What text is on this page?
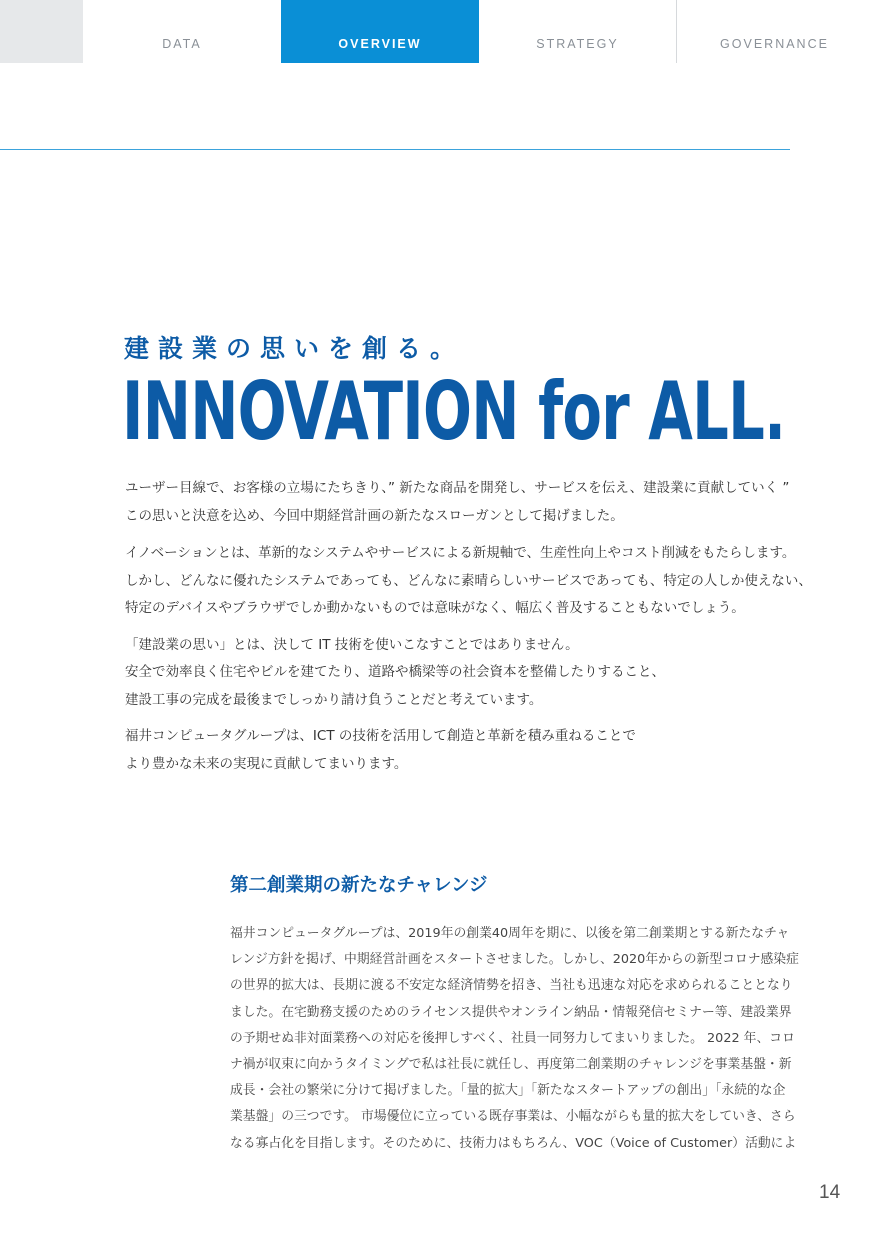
DATA	OVERVIEW	STRATEGY	GOVERNANCE
建設業の思いを創る。
INNOVATION for ALL.

ユーザー目線で、お客様の立場にたちきり、” 新たな商品を開発し、サービスを伝え、建設業に貢献していく ”
この思いと決意を込め、今回中期経営計画の新たなスローガンとして掲げました。

イノベーションとは、革新的なシステムやサービスによる新規軸で、生産性向上やコスト削減をもたらします。
しかし、どんなに優れたシステムであっても、どんなに素晴らしいサービスであっても、特定の人しか使えない、
特定のデバイスやブラウザでしか動かないものでは意味がなく、幅広く普及することもないでしょう。

「建設業の思い」とは、決して IT 技術を使いこなすことではありません。
安全で効率良く住宅やビルを建てたり、道路や橋梁等の社会資本を整備したりすること、
建設工事の完成を最後までしっかり請け負うことだと考えています。

福井コンピュータグループは、ICT の技術を活用して創造と革新を積み重ねることで
より豊かな未来の実現に貢献してまいります。

第二創業期の新たなチャレンジ

福井コンピュータグループは、2019年の創業40周年を期に、以後を第二創業期とする新たなチャ

レンジ方針を掲げ、中期経営計画をスタートさせました。しかし、2020年からの新型コロナ感染症

の世界的拡大は、長期に渡る不安定な経済情勢を招き、当社も迅速な対応を求められることとなり

ました。在宅勤務支援のためのライセンス提供やオンライン納品・情報発信セミナー等、建設業界

の予期せぬ非対面業務への対応を後押しすべく、社員一同努力してまいりました。 2022 年、コロ

ナ禍が収束に向かうタイミングで私は社長に就任し、再度第二創業期のチャレンジを事業基盤・新

成長・会社の繁栄に分けて掲げました。「量的拡大」「新たなスタートアップの創出」「永続的な企

業基盤」の三つです。 市場優位に立っている既存事業は、小幅ながらも量的拡大をしていき、さら

なる寡占化を目指します。そのために、技術力はもちろん、VOC（Voice of Customer）活動によ

14
